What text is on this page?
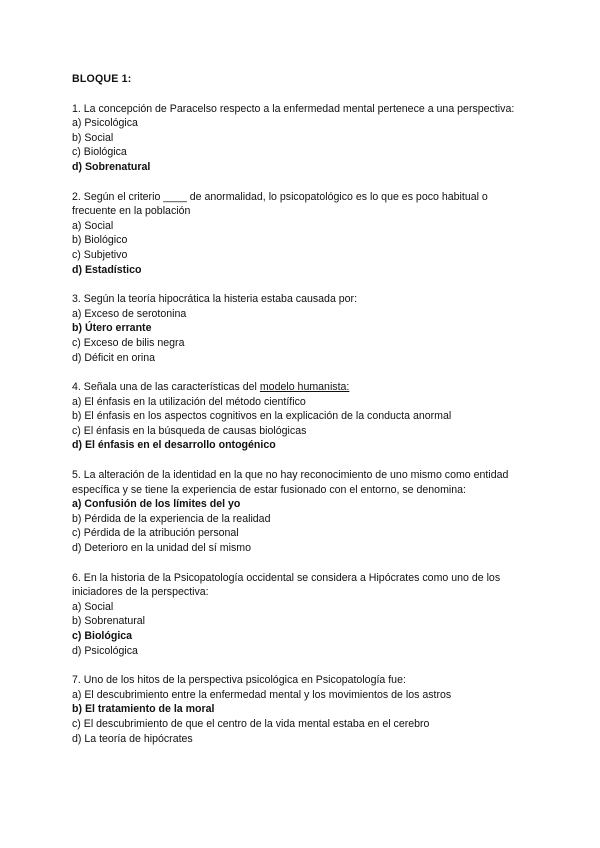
BLOQUE 1:

1. La concepción de Paracelso respecto a la enfermedad mental pertenece a una perspectiva:

a) Psicológica

b) Social

c) Biológica

d) Sobrenatural

2. Según el criterio ____ de anormalidad, lo psicopatológico es lo que es poco habitual o frecuente en la población

a) Social

b) Biológico

c) Subjetivo

d) Estadístico

3. Según la teoría hipocrática la histeria estaba causada por:

a) Exceso de serotonina

b) Útero errante

c) Exceso de bilis negra

d) Déficit en orina

4. Señala una de las características del modelo humanista:

a) El énfasis en la utilización del método científico

b) El énfasis en los aspectos cognitivos en la explicación de la conducta anormal

c) El énfasis en la búsqueda de causas biológicas

d) El énfasis en el desarrollo ontogénico

5. La alteración de la identidad en la que no hay reconocimiento de uno mismo como entidad específica y se tiene la experiencia de estar fusionado con el entorno, se denomina:

a) Confusión de los límites del yo

b) Pérdida de la experiencia de la realidad

c) Pérdida de la atribución personal

d) Deterioro en la unidad del sí mismo

6. En la historia de la Psicopatología occidental se considera a Hipócrates como uno de los iniciadores de la perspectiva:

a) Social

b) Sobrenatural

c) Biológica

d) Psicológica

7. Uno de los hitos de la perspectiva psicológica en Psicopatología fue:

a) El descubrimiento entre la enfermedad mental y los movimientos de los astros

b) El tratamiento de la moral

c) El descubrimiento de que el centro de la vida mental estaba en el cerebro

d) La teoría de hipócrates
